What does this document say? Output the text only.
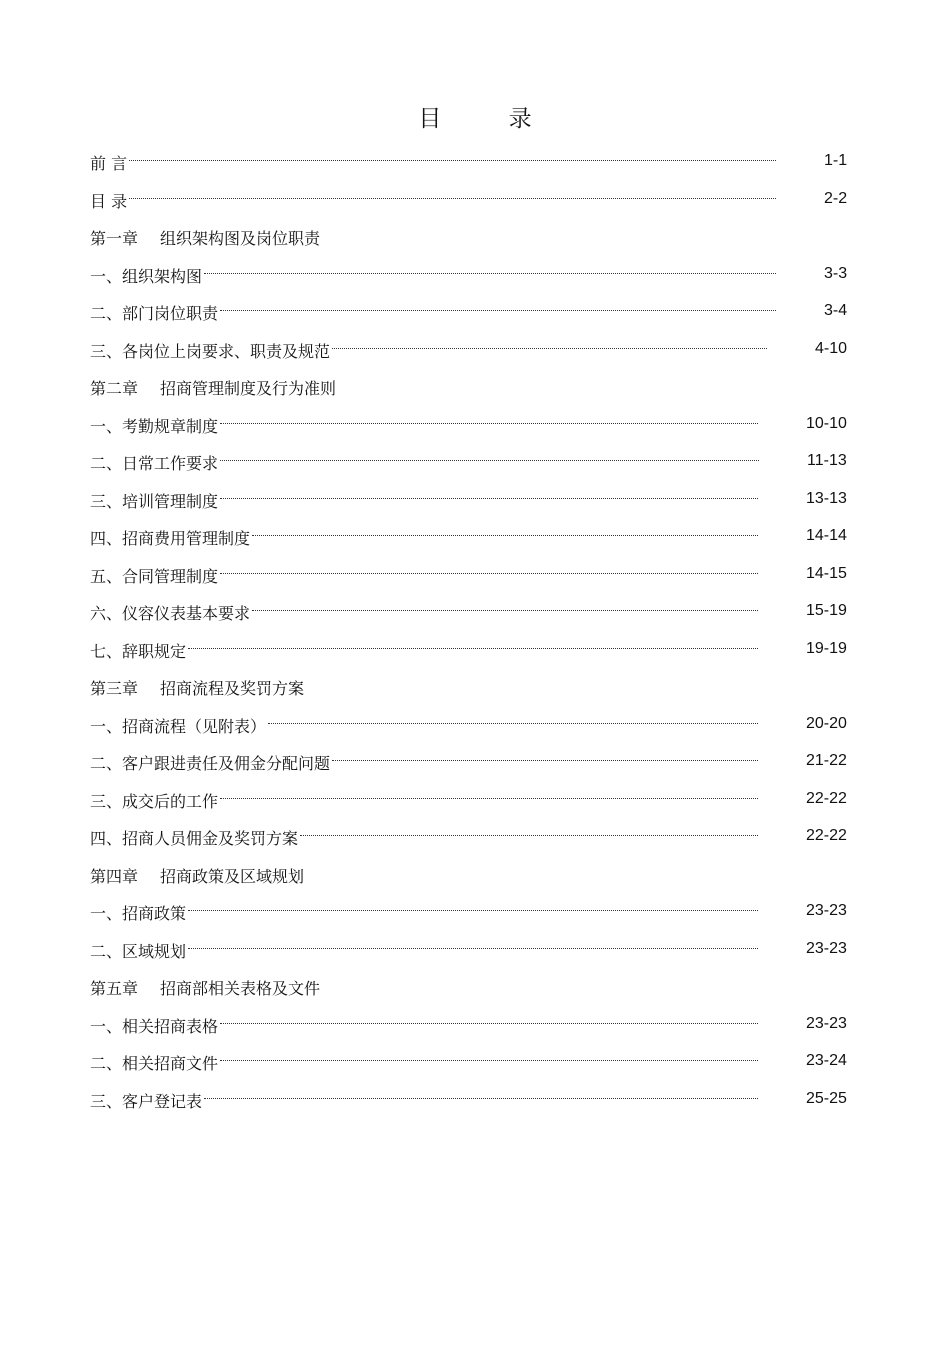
目 录
前 言	1-1
目 录	2-2
第一章 组织架构图及岗位职责
一、组织架构图	3-3
二、部门岗位职责	3-4
三、各岗位上岗要求、职责及规范	4-10
第二章 招商管理制度及行为准则
一、考勤规章制度	10-10
二、日常工作要求	11-13
三、培训管理制度	13-13
四、招商费用管理制度	14-14
五、合同管理制度	14-15
六、仪容仪表基本要求	15-19
七、辞职规定	19-19
第三章 招商流程及奖罚方案
一、招商流程（见附表）	20-20
二、客户跟进责任及佣金分配问题	21-22
三、成交后的工作	22-22
四、招商人员佣金及奖罚方案	22-22
第四章 招商政策及区域规划
一、招商政策	23-23
二、区域规划	23-23
第五章 招商部相关表格及文件
一、相关招商表格	23-23
二、相关招商文件	23-24
三、客户登记表	25-25
